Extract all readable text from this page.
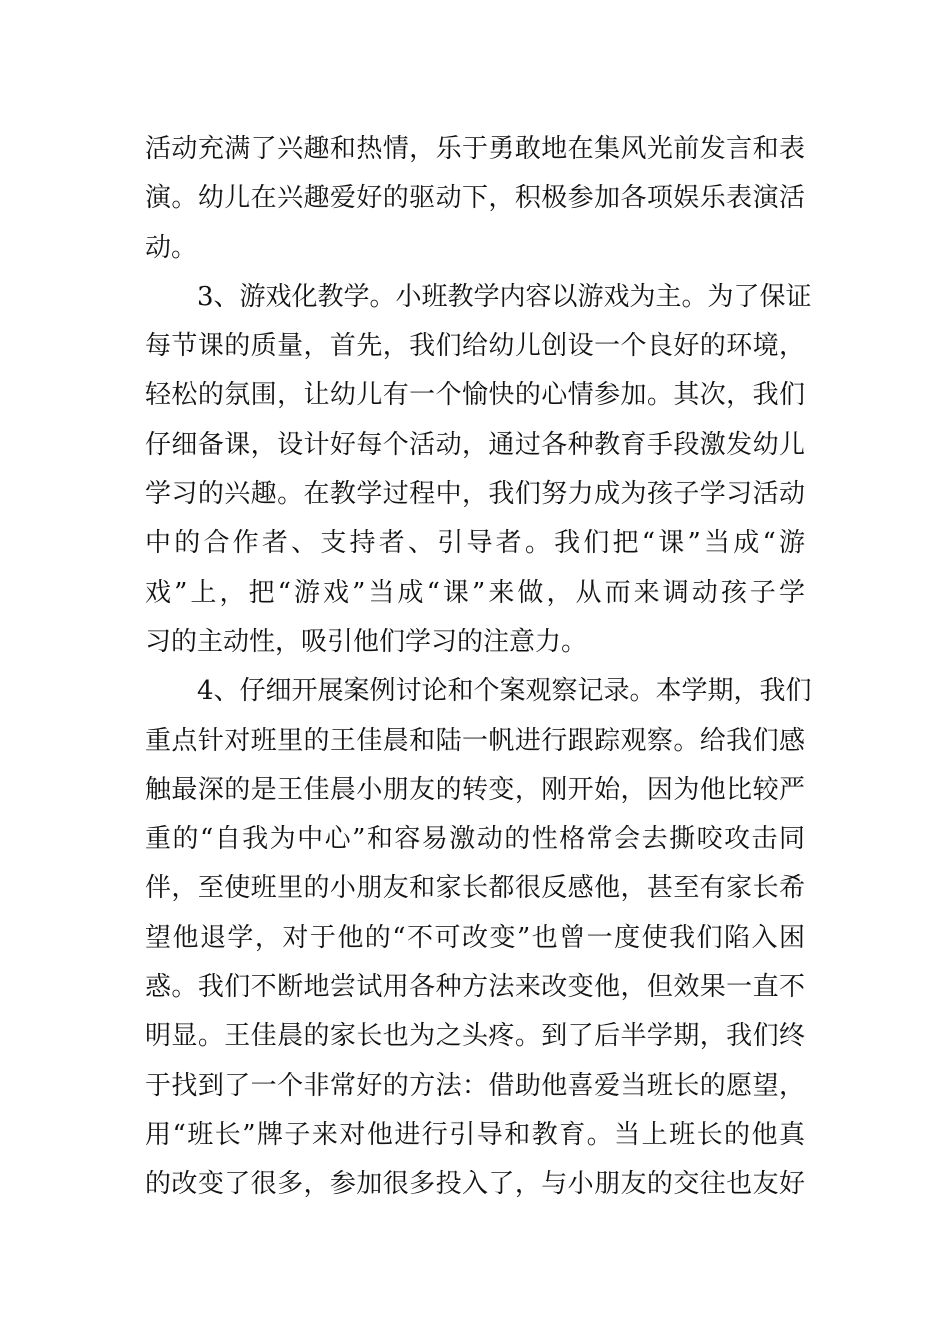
活动充满了兴趣和热情，乐于勇敢地在集风光前发言和表
演。幼儿在兴趣爱好的驱动下，积极参加各项娱乐表演活
动。
3、游戏化教学。小班教学内容以游戏为主。为了保证
每节课的质量，首先，我们给幼儿创设一个良好的环境，
轻松的氛围，让幼儿有一个愉快的心情参加。其次，我们
仔细备课，设计好每个活动，通过各种教育手段激发幼儿
学习的兴趣。在教学过程中，我们努力成为孩子学习活动
中的合作者、支持者、引导者。我们把“课”当成“游
戏”上，把“游戏”当成“课”来做，从而来调动孩子学
习的主动性，吸引他们学习的注意力。
4、仔细开展案例讨论和个案观察记录。本学期，我们
重点针对班里的王佳晨和陆一帆进行跟踪观察。给我们感
触最深的是王佳晨小朋友的转变，刚开始，因为他比较严
重的“自我为中心”和容易激动的性格常会去撕咬攻击同
伴，至使班里的小朋友和家长都很反感他，甚至有家长希
望他退学，对于他的“不可改变”也曾一度使我们陷入困
惑。我们不断地尝试用各种方法来改变他，但效果一直不
明显。王佳晨的家长也为之头疼。到了后半学期，我们终
于找到了一个非常好的方法：借助他喜爱当班长的愿望，
用“班长”牌子来对他进行引导和教育。当上班长的他真
的改变了很多，参加很多投入了，与小朋友的交往也友好
